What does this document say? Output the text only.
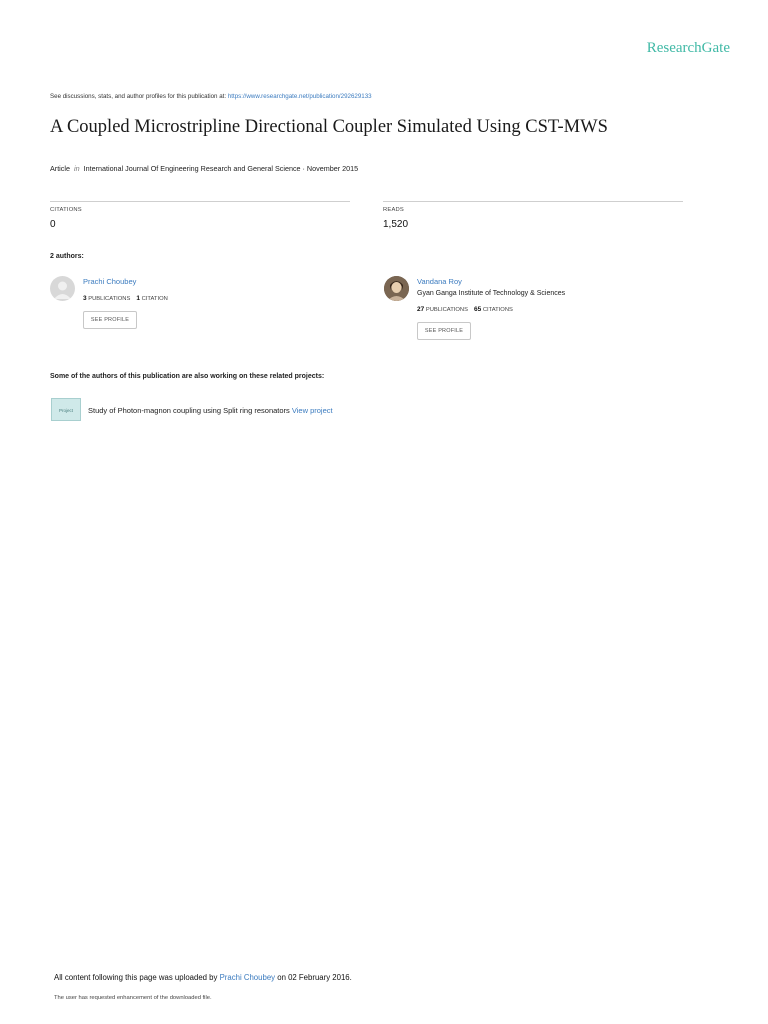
ResearchGate
See discussions, stats, and author profiles for this publication at: https://www.researchgate.net/publication/292629133
A Coupled Microstripline Directional Coupler Simulated Using CST-MWS
Article in International Journal Of Engineering Research and General Science · November 2015
CITATIONS
0
READS
1,520
2 authors:
Prachi Choubey
3 PUBLICATIONS 1 CITATION
SEE PROFILE
Vandana Roy
Gyan Ganga Institute of Technology & Sciences
27 PUBLICATIONS 65 CITATIONS
SEE PROFILE
Some of the authors of this publication are also working on these related projects:
Project	Study of Photon-magnon coupling using Split ring resonators View project
All content following this page was uploaded by Prachi Choubey on 02 February 2016.
The user has requested enhancement of the downloaded file.
